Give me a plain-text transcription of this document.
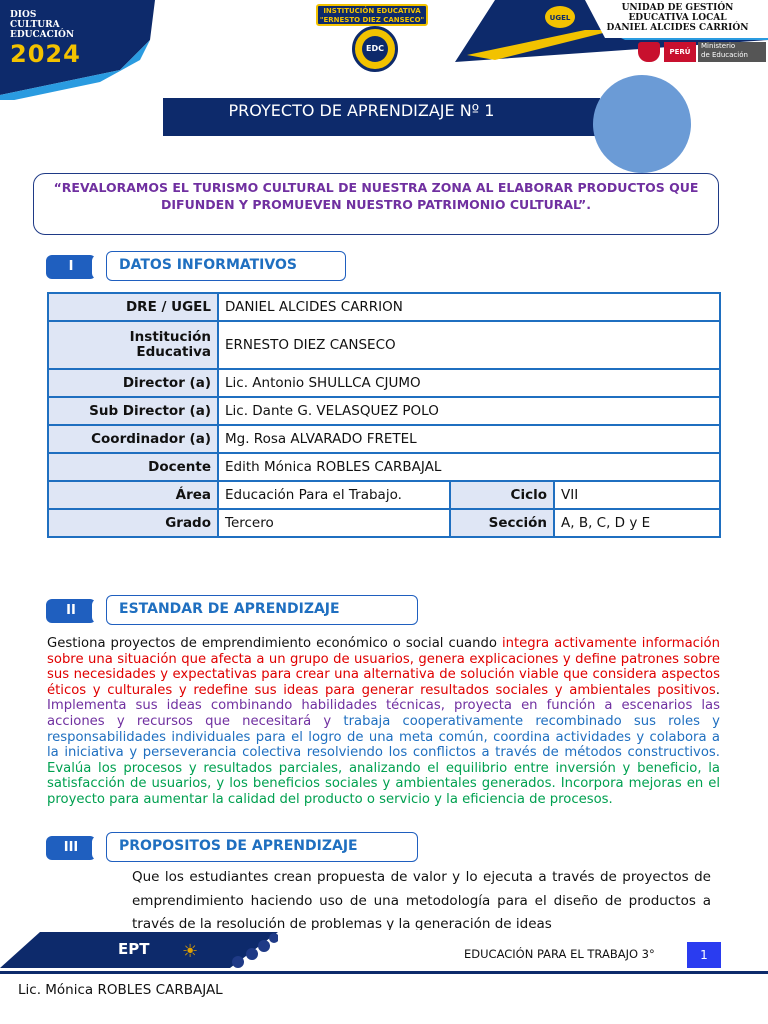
DIOS
CULTURA
EDUCACIÓN
2024
INSTITUCIÓN EDUCATIVA
"ERNESTO DIEZ CANSECO"
EDC
UGEL
UNIDAD DE GESTIÓN
EDUCATIVA LOCAL
DANIEL ALCIDES CARRIÓN
PERÚ
Ministerio
de Educación
PROYECTO DE APRENDIZAJE Nº 1
“REVALORAMOS EL TURISMO CULTURAL DE NUESTRA ZONA AL ELABORAR PRODUCTOS QUE DIFUNDEN Y PROMUEVEN NUESTRO PATRIMONIO CULTURAL”.
I	DATOS INFORMATIVOS
DRE / UGEL	DANIEL ALCIDES CARRION		

Institución
Educativa	ERNESTO DIEZ CANSECO		
Director (a)	Lic. Antonio SHULLCA CJUMO		
Sub Director (a)	Lic. Dante G. VELASQUEZ POLO		
Coordinador (a)	Mg. Rosa ALVARADO FRETEL		
Docente	Edith Mónica ROBLES CARBAJAL		
Área	Educación Para el Trabajo.	Ciclo	VII
Grado	Tercero	Sección	A, B, C, D y E
II	ESTANDAR DE APRENDIZAJE
Gestiona proyectos de emprendimiento económico o social cuando integra activamente información sobre una situación que afecta a un grupo de usuarios, genera explicaciones y define patrones sobre sus necesidades y expectativas para crear una alternativa de solución viable que considera aspectos éticos y culturales y redefine sus ideas para generar resultados sociales y ambientales positivos. Implementa sus ideas combinando habilidades técnicas, proyecta en función a escenarios las acciones y recursos que necesitará y trabaja cooperativamente recombinado sus roles y responsabilidades individuales para el logro de una meta común, coordina actividades y colabora a la iniciativa y perseverancia colectiva resolviendo los conflictos a través de métodos constructivos. Evalúa los procesos y resultados parciales, analizando el equilibrio entre inversión y beneficio, la satisfacción de usuarios, y los beneficios sociales y ambientales generados. Incorpora mejoras en el proyecto para aumentar la calidad del producto o servicio y la eficiencia de procesos.
III	PROPOSITOS DE APRENDIZAJE
Que los estudiantes crean propuesta de valor y lo ejecuta a través de proyectos de emprendimiento haciendo uso de una metodología para el diseño de productos a través de la resolución de problemas y la generación de ideas
EPT ☀	EDUCACIÓN PARA EL TRABAJO 3°	1
Lic. Mónica ROBLES CARBAJAL
